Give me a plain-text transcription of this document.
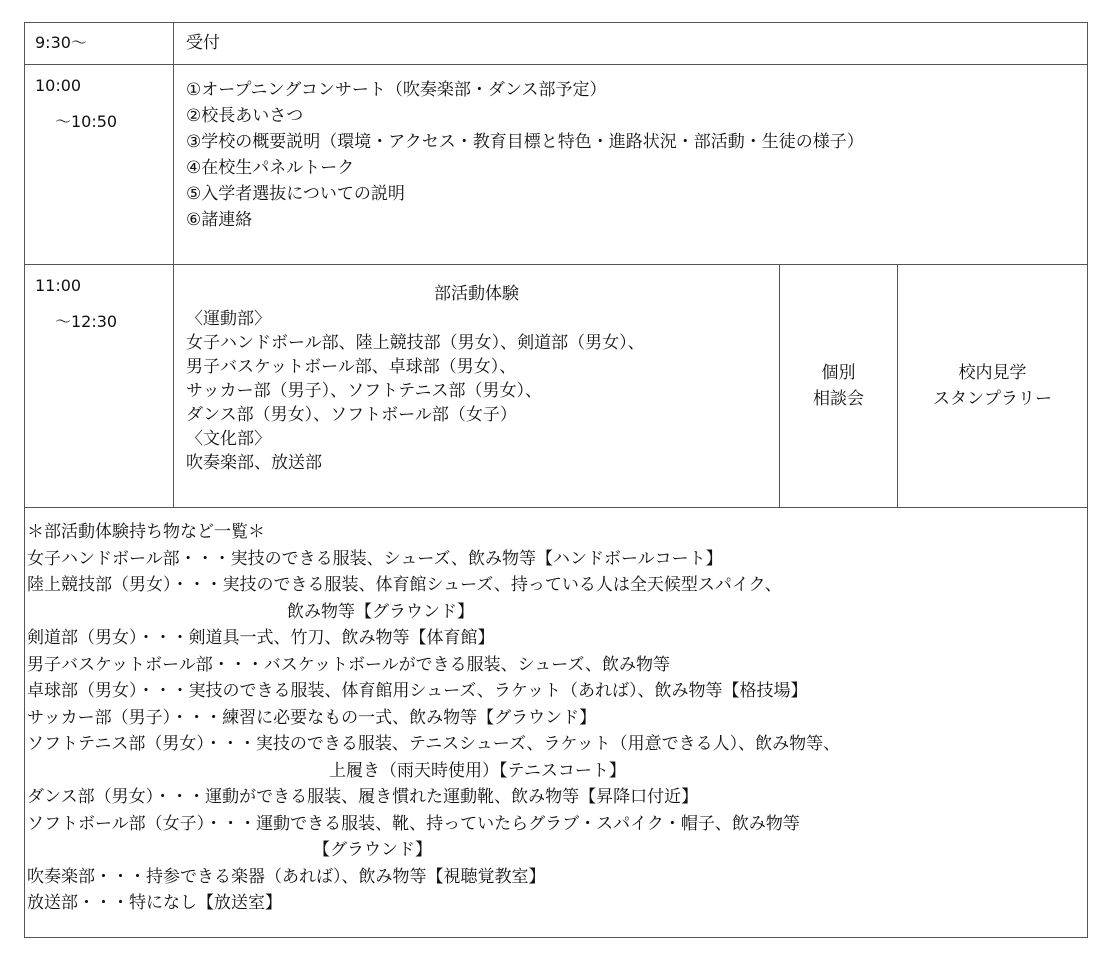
9:30〜	受付
10:00
〜10:50
①オープニングコンサート（吹奏楽部・ダンス部予定）
②校長あいさつ
③学校の概要説明（環境・アクセス・教育目標と特色・進路状況・部活動・生徒の様子）
④在校生パネルトーク
⑤入学者選抜についての説明
⑥諸連絡
11:00
〜12:30
部活動体験
〈運動部〉
女子ハンドボール部、陸上競技部（男女）、剣道部（男女）、
男子バスケットボール部、卓球部（男女）、
サッカー部（男子）、ソフトテニス部（男女）、
ダンス部（男女）、ソフトボール部（女子）
〈文化部〉
吹奏楽部、放送部
個別
相談会
校内見学
スタンプラリー
＊部活動体験持ち物など一覧＊
女子ハンドボール部・・・実技のできる服装、シューズ、飲み物等【ハンドボールコート】
陸上競技部（男女）・・・実技のできる服装、体育館シューズ、持っている人は全天候型スパイク、
飲み物等【グラウンド】
剣道部（男女）・・・剣道具一式、竹刀、飲み物等【体育館】
男子バスケットボール部・・・バスケットボールができる服装、シューズ、飲み物等
卓球部（男女）・・・実技のできる服装、体育館用シューズ、ラケット（あれば）、飲み物等【格技場】
サッカー部（男子）・・・練習に必要なもの一式、飲み物等【グラウンド】
ソフトテニス部（男女）・・・実技のできる服装、テニスシューズ、ラケット（用意できる人）、飲み物等、
上履き（雨天時使用）【テニスコート】
ダンス部（男女）・・・運動ができる服装、履き慣れた運動靴、飲み物等【昇降口付近】
ソフトボール部（女子）・・・運動できる服装、靴、持っていたらグラブ・スパイク・帽子、飲み物等
【グラウンド】
吹奏楽部・・・持参できる楽器（あれば）、飲み物等【視聴覚教室】
放送部・・・特になし【放送室】
